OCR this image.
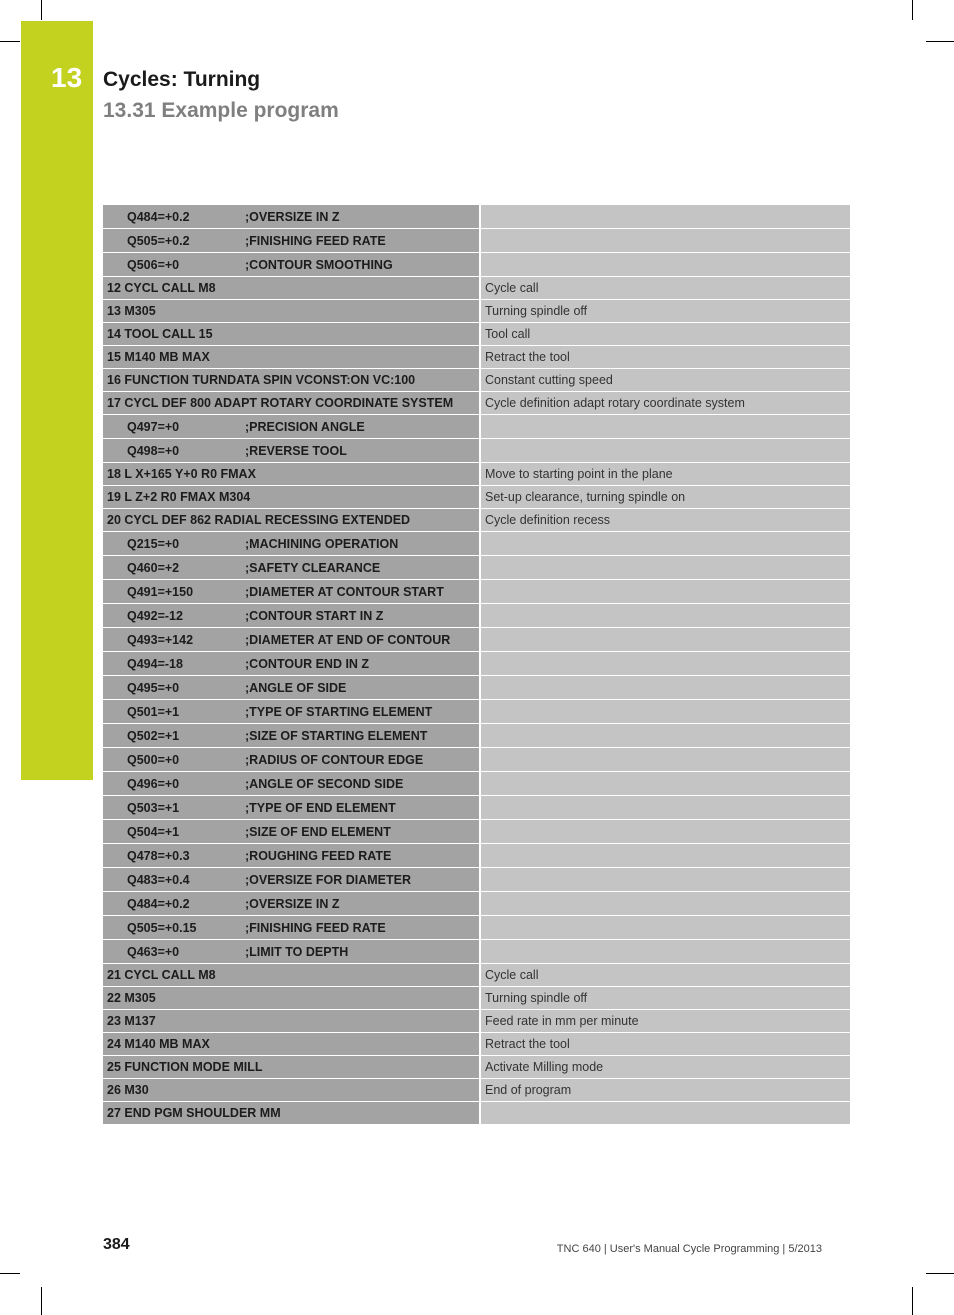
13 Cycles: Turning
13.31 Example program
Q484=+0.2 ;OVERSIZE IN Z	
Q505=+0.2 ;FINISHING FEED RATE	
Q506=+0 ;CONTOUR SMOOTHING	
12 CYCL CALL M8	Cycle call
13 M305	Turning spindle off
14 TOOL CALL 15	Tool call
15 M140 MB MAX	Retract the tool
16 FUNCTION TURNDATA SPIN VCONST:ON VC:100	Constant cutting speed
17 CYCL DEF 800 ADAPT ROTARY COORDINATE SYSTEM	Cycle definition adapt rotary coordinate system
Q497=+0 ;PRECISION ANGLE	
Q498=+0 ;REVERSE TOOL	
18 L X+165 Y+0 R0 FMAX	Move to starting point in the plane
19 L Z+2 R0 FMAX M304	Set-up clearance, turning spindle on
20 CYCL DEF 862 RADIAL RECESSING EXTENDED	Cycle definition recess
Q215=+0 ;MACHINING OPERATION	
Q460=+2 ;SAFETY CLEARANCE	
Q491=+150 ;DIAMETER AT CONTOUR START	
Q492=-12 ;CONTOUR START IN Z	
Q493=+142 ;DIAMETER AT END OF CONTOUR	
Q494=-18 ;CONTOUR END IN Z	
Q495=+0 ;ANGLE OF SIDE	
Q501=+1 ;TYPE OF STARTING ELEMENT	
Q502=+1 ;SIZE OF STARTING ELEMENT	
Q500=+0 ;RADIUS OF CONTOUR EDGE	
Q496=+0 ;ANGLE OF SECOND SIDE	
Q503=+1 ;TYPE OF END ELEMENT	
Q504=+1 ;SIZE OF END ELEMENT	
Q478=+0.3 ;ROUGHING FEED RATE	
Q483=+0.4 ;OVERSIZE FOR DIAMETER	
Q484=+0.2 ;OVERSIZE IN Z	
Q505=+0.15 ;FINISHING FEED RATE	
Q463=+0 ;LIMIT TO DEPTH	
21 CYCL CALL M8	Cycle call
22 M305	Turning spindle off
23 M137	Feed rate in mm per minute
24 M140 MB MAX	Retract the tool
25 FUNCTION MODE MILL	Activate Milling mode
26 M30	End of program
27 END PGM SHOULDER MM	
384	TNC 640 | User's Manual Cycle Programming | 5/2013
